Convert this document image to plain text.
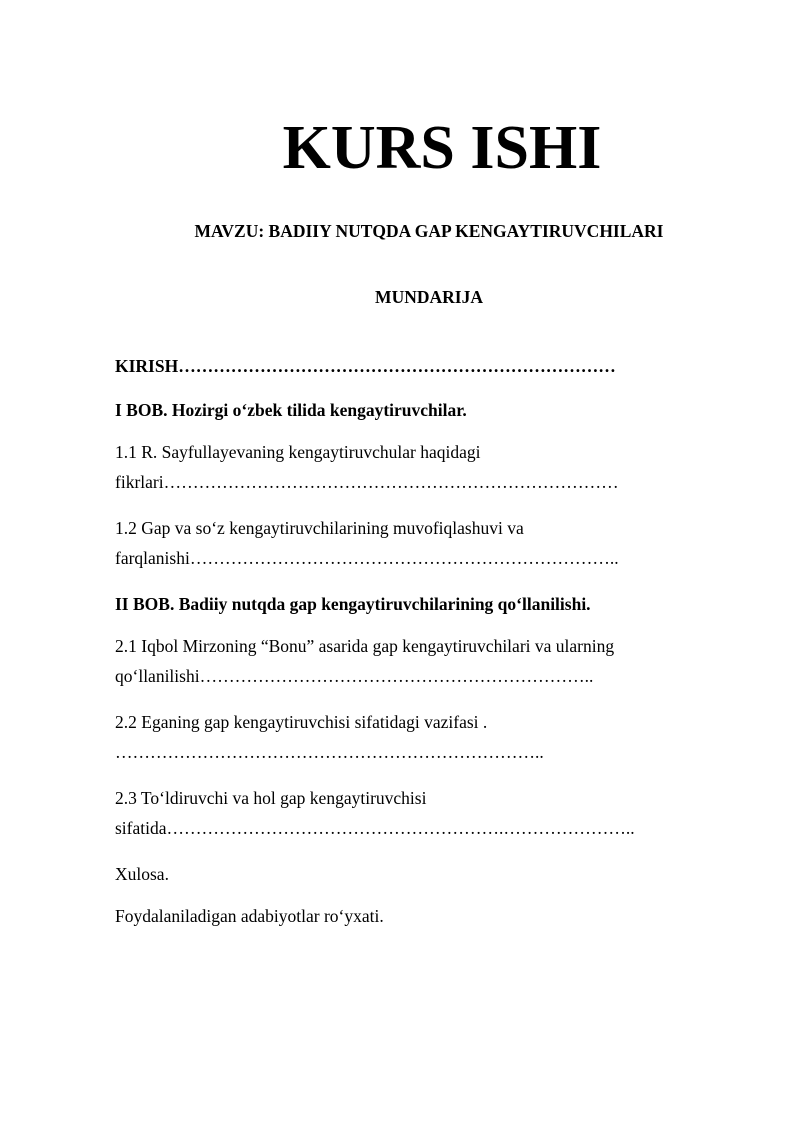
KURS ISHI

MAVZU: BADIIY NUTQDA GAP KENGAYTIRUVCHILARI

MUNDARIJA

KIRISH…………………………………………………………………

I BOB. Hozirgi o‘zbek tilida kengaytiruvchilar.

1.1 R. Sayfullayevaning kengaytiruvchular haqidagi

fikrlari……………………………………………………………………

1.2 Gap va so‘z kengaytiruvchilarining muvofiqlashuvi va

farqlanishi………………………………………………………………..

II BOB. Badiiy nutqda gap kengaytiruvchilarining qo‘llanilishi.

2.1 Iqbol Mirzoning “Bonu” asarida gap kengaytiruvchilari va ularning

qo‘llanilishi…………………………………………………………..

2.2 Eganing gap kengaytiruvchisi sifatidagi vazifasi .

………………………………………………………………..

2.3 To‘ldiruvchi va hol gap kengaytiruvchisi

sifatida………………………………………………….…………………..

Xulosa.

Foydalaniladigan adabiyotlar ro‘yxati.
